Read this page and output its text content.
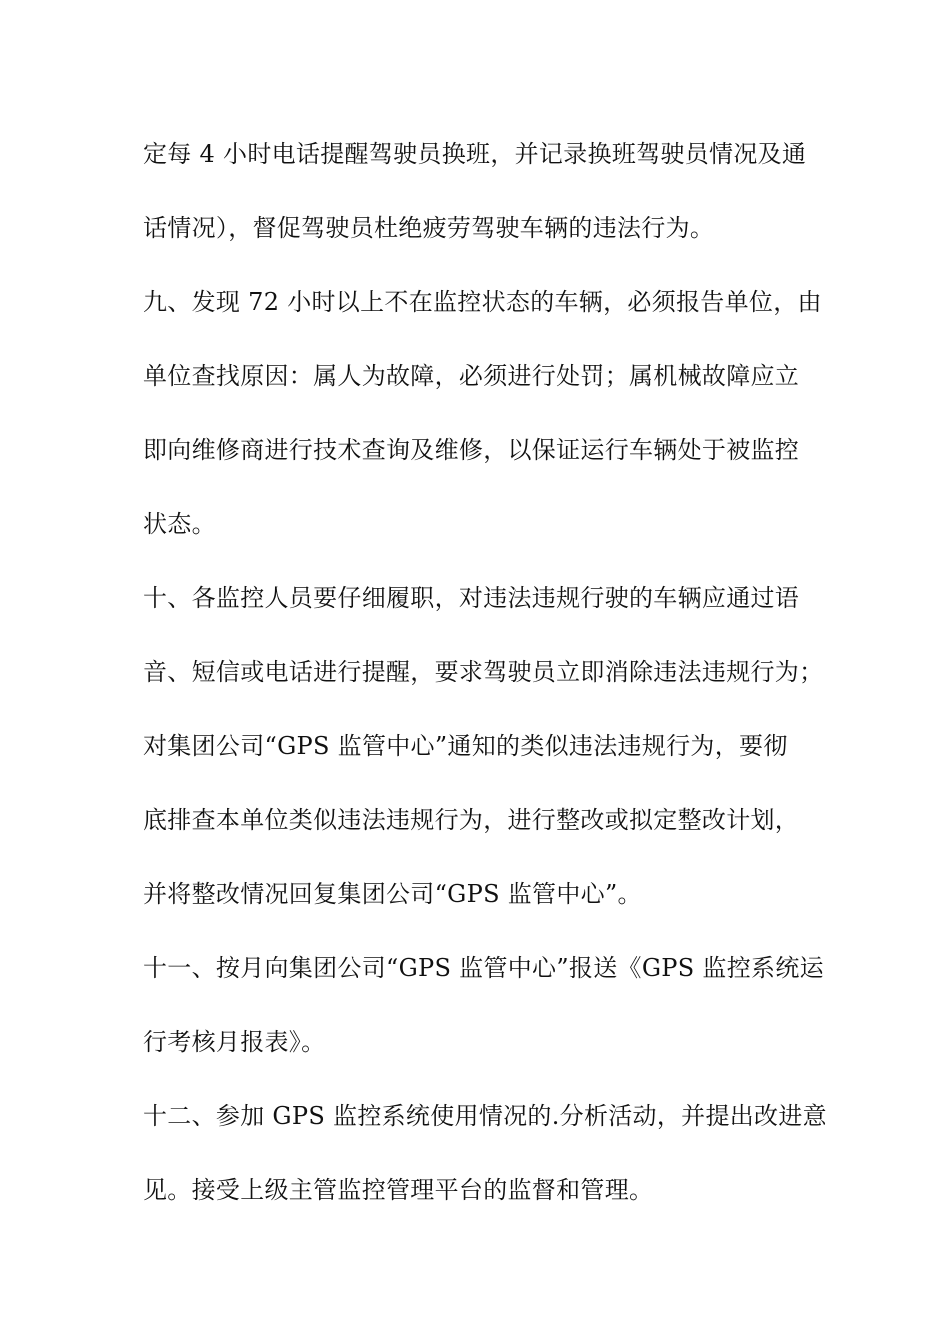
定每 4 小时电话提醒驾驶员换班，并记录换班驾驶员情况及通
话情况），督促驾驶员杜绝疲劳驾驶车辆的违法行为。
九、发现 72 小时以上不在监控状态的车辆，必须报告单位，由
单位查找原因：属人为故障，必须进行处罚；属机械故障应立
即向维修商进行技术查询及维修，以保证运行车辆处于被监控
状态。
十、各监控人员要仔细履职，对违法违规行驶的车辆应通过语
音、短信或电话进行提醒，要求驾驶员立即消除违法违规行为；
对集团公司“GPS 监管中心”通知的类似违法违规行为，要彻
底排查本单位类似违法违规行为，进行整改或拟定整改计划，
并将整改情况回复集团公司“GPS 监管中心”。
十一、按月向集团公司“GPS 监管中心”报送《GPS 监控系统运
行考核月报表》。
十二、参加 GPS 监控系统使用情况的.分析活动，并提出改进意
见。接受上级主管监控管理平台的监督和管理。
